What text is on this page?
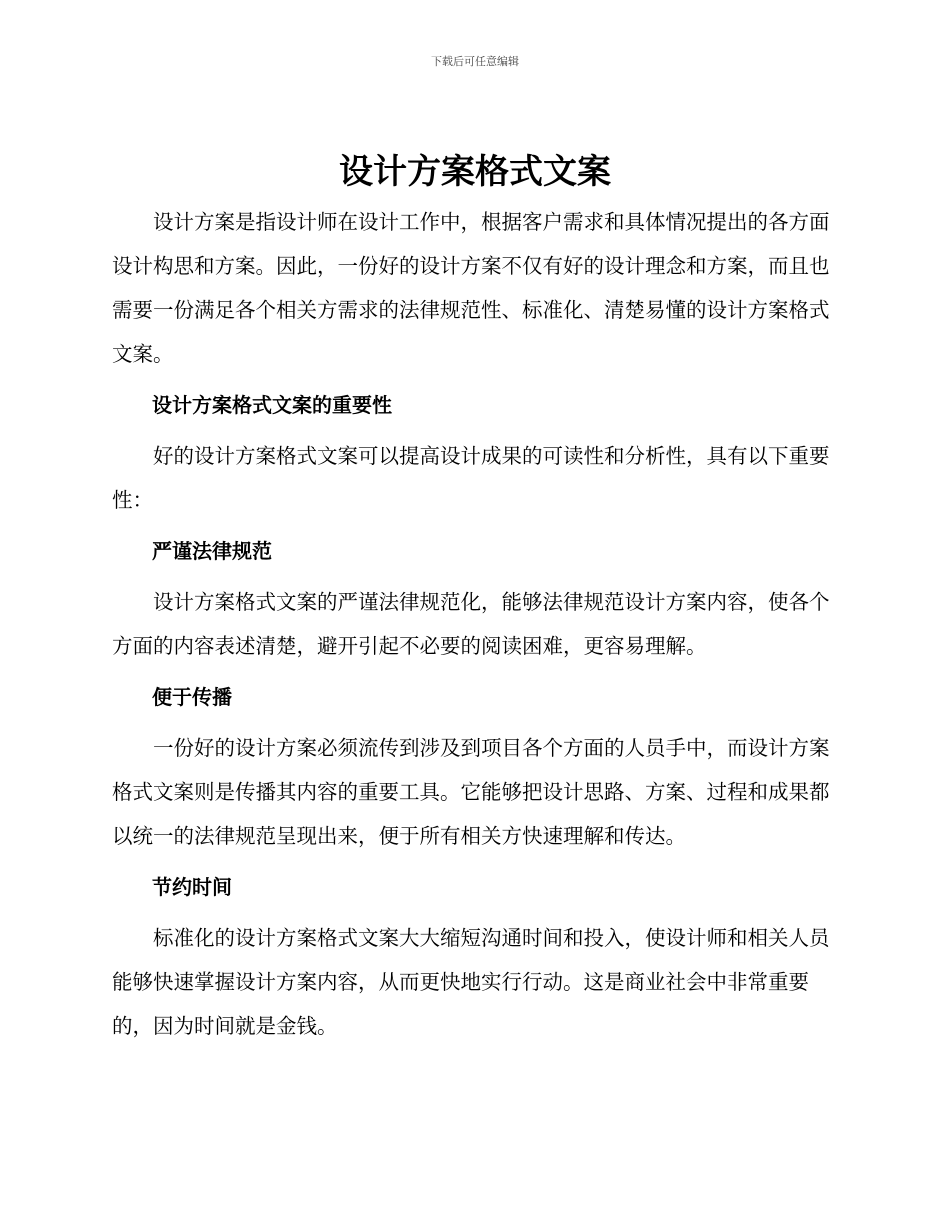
下载后可任意编辑
设计方案格式文案

设计方案是指设计师在设计工作中，根据客户需求和具体情况提出的各方面设计构思和方案。因此，一份好的设计方案不仅有好的设计理念和方案，而且也需要一份满足各个相关方需求的法律规范性、标准化、清楚易懂的设计方案格式文案。

设计方案格式文案的重要性

好的设计方案格式文案可以提高设计成果的可读性和分析性，具有以下重要性：

严谨法律规范

设计方案格式文案的严谨法律规范化，能够法律规范设计方案内容，使各个方面的内容表述清楚，避开引起不必要的阅读困难，更容易理解。

便于传播

一份好的设计方案必须流传到涉及到项目各个方面的人员手中，而设计方案格式文案则是传播其内容的重要工具。它能够把设计思路、方案、过程和成果都以统一的法律规范呈现出来，便于所有相关方快速理解和传达。

节约时间

标准化的设计方案格式文案大大缩短沟通时间和投入，使设计师和相关人员能够快速掌握设计方案内容，从而更快地实行行动。这是商业社会中非常重要的，因为时间就是金钱。
